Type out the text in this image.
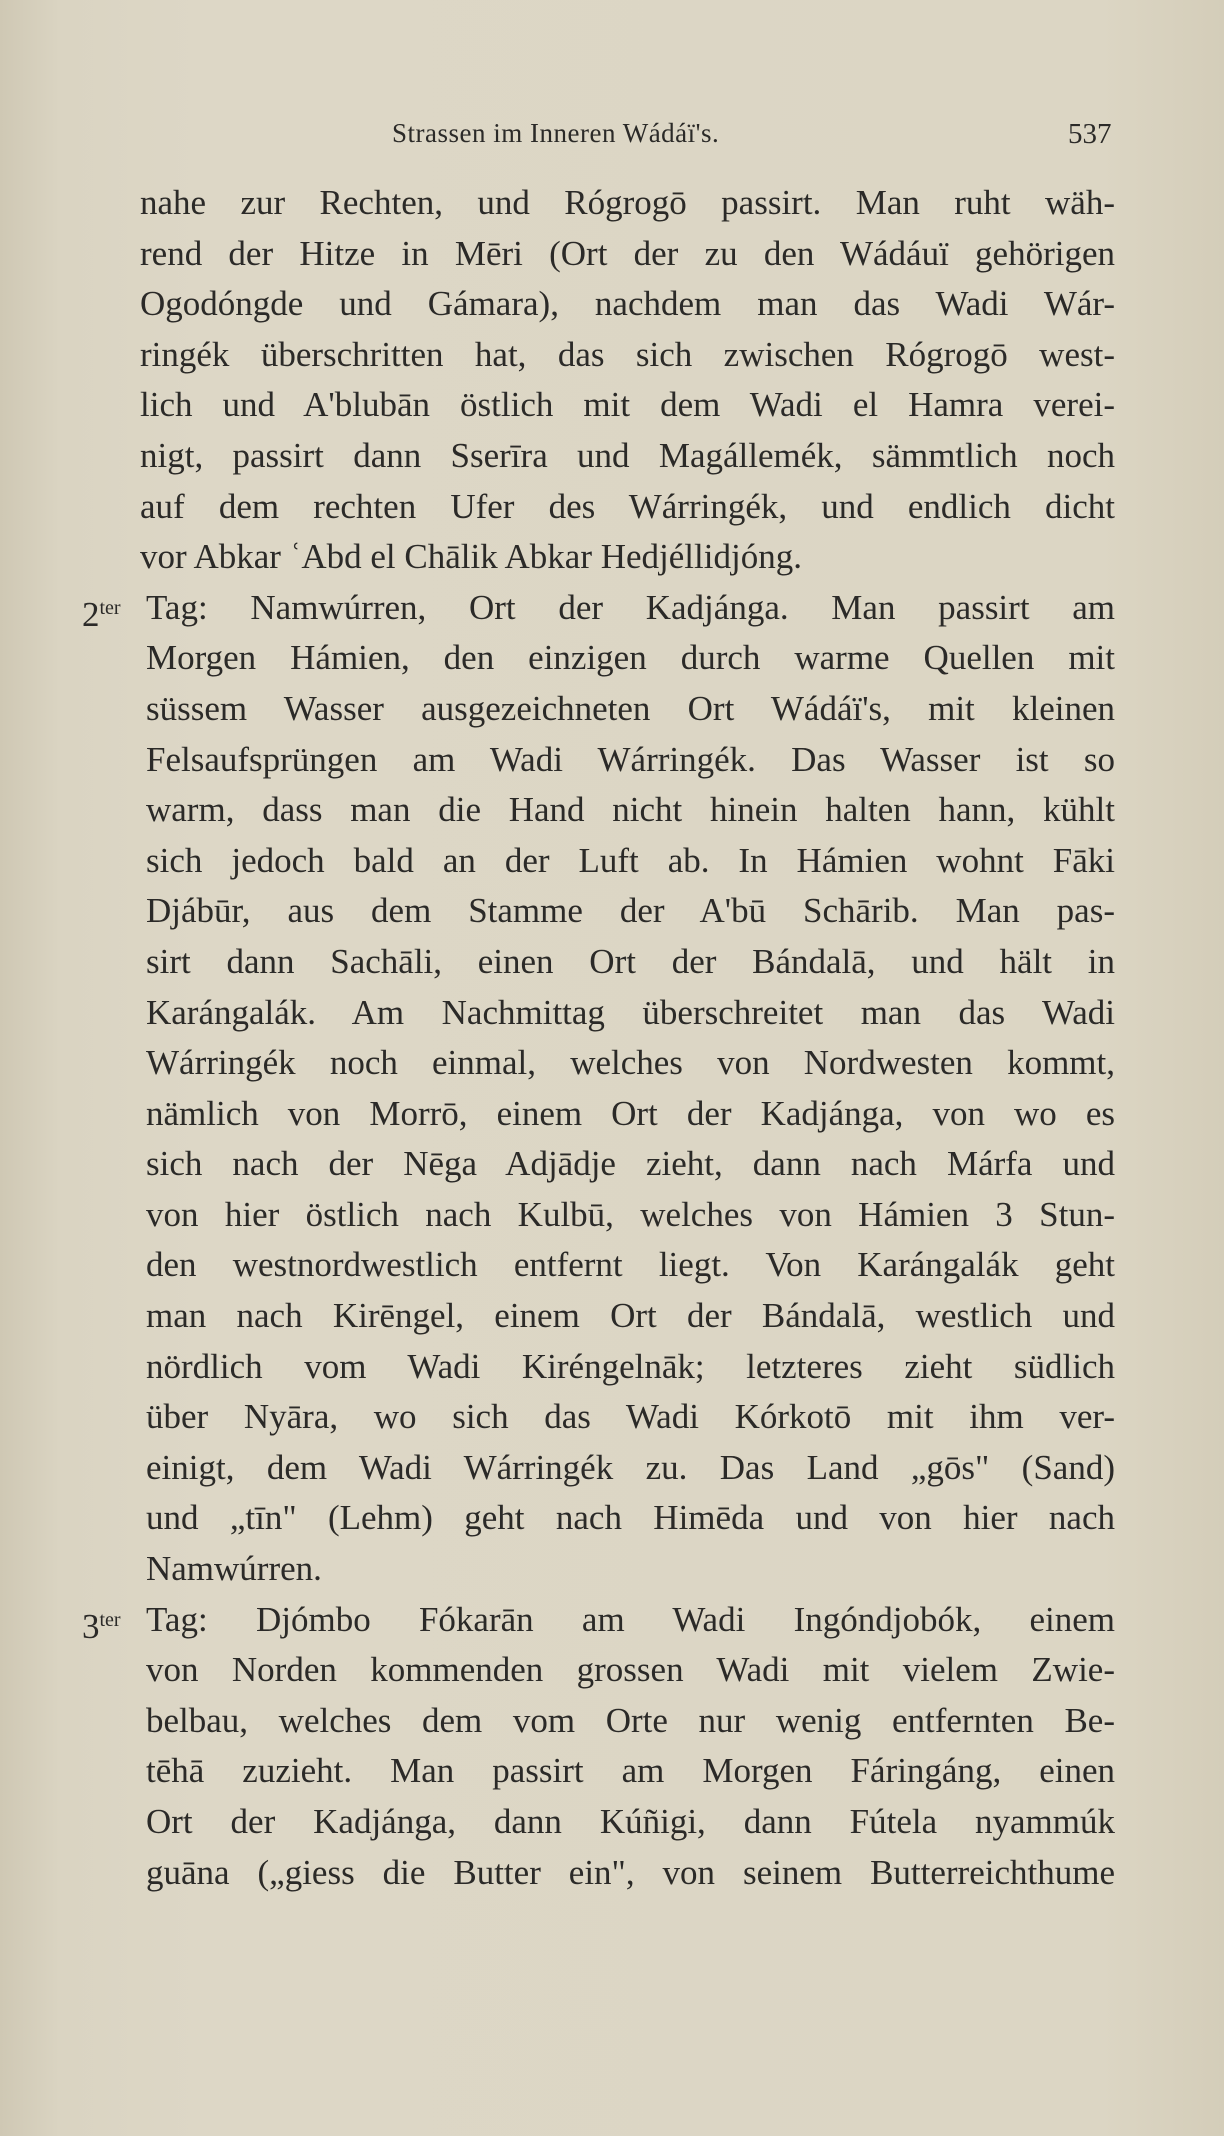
Strassen im Inneren Wádáï's.	537
nahe zur Rechten, und Rógrogō passirt. Man ruht wäh-
rend der Hitze in Mēri (Ort der zu den Wádáuï gehörigen
Ogodóngde und Gámara), nachdem man das Wadi Wár-
ringék überschritten hat, das sich zwischen Rógrogō west-
lich und A'blubān östlich mit dem Wadi el Hamra verei-
nigt, passirt dann Sserīra und Magállemék, sämmtlich noch
auf dem rechten Ufer des Wárringék, und endlich dicht
vor Abkar ʿAbd el Chālik Abkar Hedjéllidjóng.
$2^{ter}$ Tag: Namwúrren, Ort der Kadjánga. Man passirt am
Morgen Hámien, den einzigen durch warme Quellen mit
süssem Wasser ausgezeichneten Ort Wádáï's, mit kleinen
Felsaufsprüngen am Wadi Wárringék. Das Wasser ist so
warm, dass man die Hand nicht hinein halten hann, kühlt
sich jedoch bald an der Luft ab. In Hámien wohnt Fāki
Djábūr, aus dem Stamme der A'bū Schārib. Man pas-
sirt dann Sachāli, einen Ort der Bándalā, und hält in
Karángalák. Am Nachmittag überschreitet man das Wadi
Wárringék noch einmal, welches von Nordwesten kommt,
nämlich von Morrō, einem Ort der Kadjánga, von wo es
sich nach der Nēga Adjādje zieht, dann nach Márfa und
von hier östlich nach Kulbū, welches von Hámien 3 Stun-
den westnordwestlich entfernt liegt. Von Karángalák geht
man nach Kirēngel, einem Ort der Bándalā, westlich und
nördlich vom Wadi Kiréngelnāk; letzteres zieht südlich
über Nyāra, wo sich das Wadi Kórkotō mit ihm ver-
einigt, dem Wadi Wárringék zu. Das Land „gōs" (Sand)
und „tīn" (Lehm) geht nach Himēda und von hier nach
Namwúrren.
$3^{ter}$ Tag: Djómbo Fókarān am Wadi Ingóndjobók, einem
von Norden kommenden grossen Wadi mit vielem Zwie-
belbau, welches dem vom Orte nur wenig entfernten Be-
tēhā zuzieht. Man passirt am Morgen Fáringáng, einen
Ort der Kadjánga, dann Kúñigi, dann Fútela nyammúk
guāna („giess die Butter ein", von seinem Butterreichthume
